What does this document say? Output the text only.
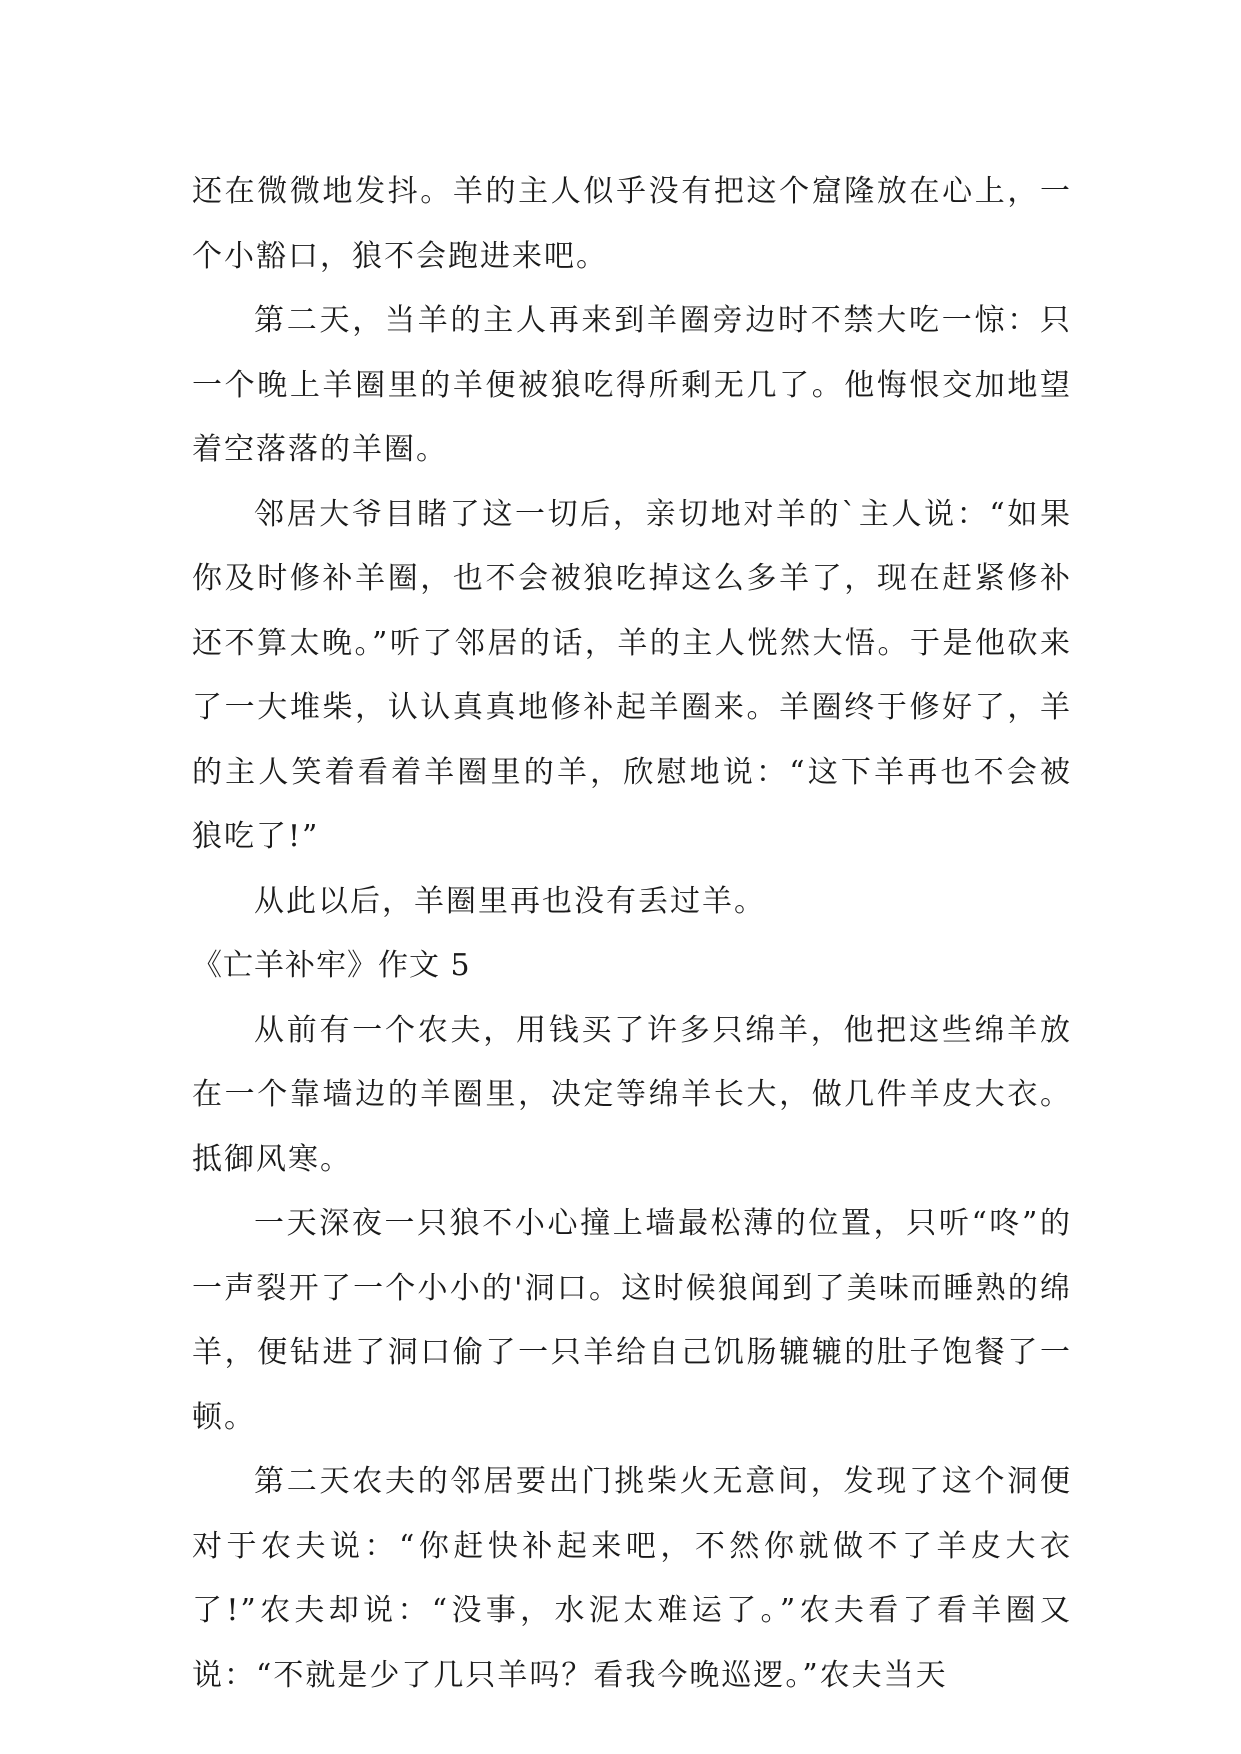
还在微微地发抖。羊的主人似乎没有把这个窟隆放在心上，一个小豁口，狼不会跑进来吧。

第二天，当羊的主人再来到羊圈旁边时不禁大吃一惊：只一个晚上羊圈里的羊便被狼吃得所剩无几了。他悔恨交加地望着空落落的羊圈。

邻居大爷目睹了这一切后，亲切地对羊的`主人说：“如果你及时修补羊圈，也不会被狼吃掉这么多羊了，现在赶紧修补还不算太晚。”听了邻居的话，羊的主人恍然大悟。于是他砍来了一大堆柴，认认真真地修补起羊圈来。羊圈终于修好了，羊的主人笑着看着羊圈里的羊，欣慰地说：“这下羊再也不会被狼吃了!”

从此以后，羊圈里再也没有丢过羊。

《亡羊补牢》作文 5

从前有一个农夫，用钱买了许多只绵羊，他把这些绵羊放在一个靠墙边的羊圈里，决定等绵羊长大，做几件羊皮大衣。抵御风寒。

一天深夜一只狼不小心撞上墙最松薄的位置，只听“咚”的一声裂开了一个小小的'洞口。这时候狼闻到了美味而睡熟的绵羊，便钻进了洞口偷了一只羊给自己饥肠辘辘的肚子饱餐了一顿。

第二天农夫的邻居要出门挑柴火无意间，发现了这个洞便对于农夫说：“你赶快补起来吧，不然你就做不了羊皮大衣了!”农夫却说：“没事，水泥太难运了。”农夫看了看羊圈又说：“不就是少了几只羊吗？看我今晚巡逻。”农夫当天
